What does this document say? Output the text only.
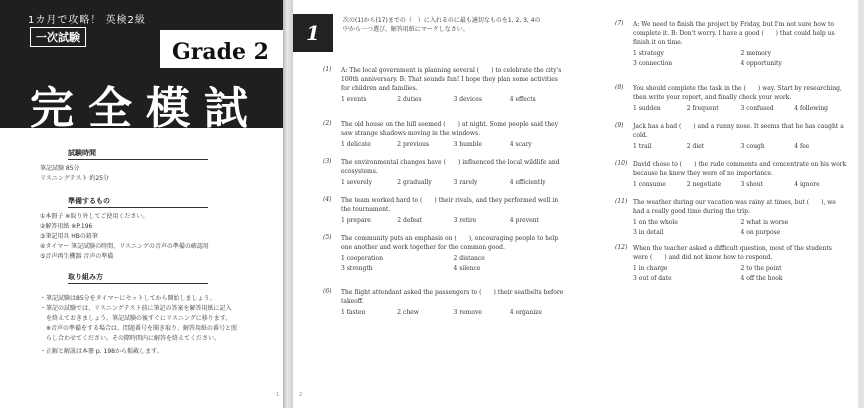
1カ月で攻略！ 英検2級
一次試験
Grade 2
完全模試
試験時間
筆記試験 85分
リスニングテスト 約25分
準備するもの
①本冊子 ※取り外してご使用ください。
②解答用紙 ※P.196
③筆記用具 HBの鉛筆
④タイマー 筆記試験の時間、リスニングの音声の準備の確認用
⑤音声再生機器 音声の準備
取り組み方
・筆記試験は85分をタイマーにセットしてから開始しましょう。
・筆記の試験では、リスニングテスト前に筆記の答案を解答用紙に記入
　を終えておきましょう。筆記試験の後すぐにリスニングに移ります。
　※音声の準備をする場合は、問題番号を聞き取り、解答用紙の番号と照
　らし合わせてください。その際時間内に解答を終えてください。
・正解と解説は本冊 p. 198から掲載します。
1
1
次の(1)から(17)までの（　）に入れるのに最も適切なものを1, 2, 3, 4の中から一つ選び、解答用紙にマークしなさい。
(1) A: The local government is planning several (　　) to celebrate the city's 100th anniversary. B: That sounds fun! I hope they plan some activities for children and families.
1 events	2 duties	3 devices	4 effects
(2) The old house on the hill seemed (　　) at night. Some people said they saw strange shadows moving in the windows.
1 delicate	2 previous	3 humble	4 scary
(3) The environmental changes have (　　) influenced the local wildlife and ecosystems.
1 severely	2 gradually	3 rarely	4 efficiently
(4) The team worked hard to (　　) their rivals, and they performed well in the tournament.
1 prepare	2 defeat	3 retire	4 prevent
(5) The community puts an emphasis on (　　), encouraging people to help one another and work together for the common good.
1 cooperation	2 distance
3 strength	4 silence
(6) The flight attendant asked the passengers to (　　) their seatbelts before takeoff.
1 fasten	2 chew	3 remove	4 organize
(7) A: We need to finish the project by Friday, but I'm not sure how to complete it. B: Don't worry. I have a good (　　) that could help us finish it on time.
1 strategy	2 memory
3 connection	4 opportunity
(8) You should complete the task in the (　　) way. Start by researching, then write your report, and finally check your work.
1 sudden	2 frequent	3 confused	4 following
(9) Jack has a bad (　　) and a runny nose. It seems that he has caught a cold.
1 trail	2 diet	3 cough	4 fee
(10) David chose to (　　) the rude comments and concentrate on his work because he knew they were of no importance.
1 consume	2 negotiate	3 shout	4 ignore
(11) The weather during our vacation was rainy at times, but (　　), we had a really good time during the trip.
1 on the whole	2 what is worse
3 in detail	4 on purpose
(12) When the teacher asked a difficult question, most of the students were (　　) and did not know how to respond.
1 in charge	2 to the point
3 out of date	4 off the hook
2
